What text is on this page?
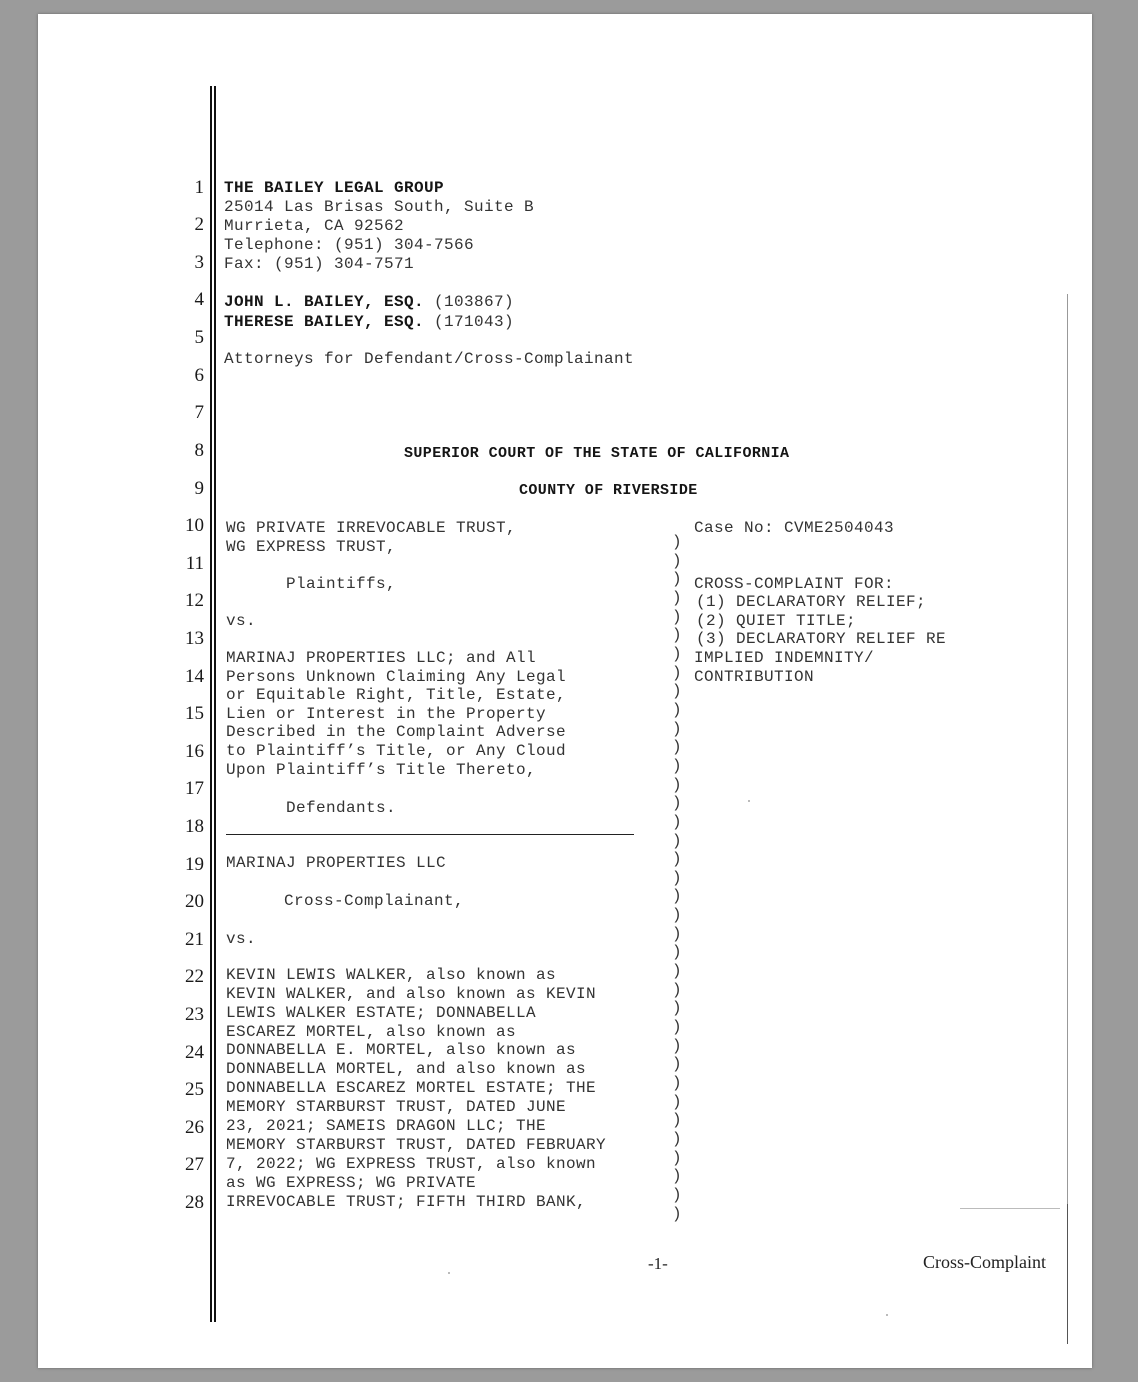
1
2
3
4
5
6
7
8
9
10
11
12
13
14
15
16
17
18
19
20
21
22
23
24
25
26
27
28
THE BAILEY LEGAL GROUP
25014 Las Brisas South, Suite B
Murrieta, CA 92562
Telephone: (951) 304-7566
Fax: (951) 304-7571
JOHN L. BAILEY, ESQ. (103867)
THERESE BAILEY, ESQ. (171043)
Attorneys for Defendant/Cross-Complainant
SUPERIOR COURT OF THE STATE OF CALIFORNIA
COUNTY OF RIVERSIDE
WG PRIVATE IRREVOCABLE TRUST,
WG EXPRESS TRUST,
Plaintiffs,
vs.
MARINAJ PROPERTIES LLC; and All
Persons Unknown Claiming Any Legal
or Equitable Right, Title, Estate,
Lien or Interest in the Property
Described in the Complaint Adverse
to Plaintiff’s Title, or Any Cloud
Upon Plaintiff’s Title Thereto,
Defendants.
MARINAJ PROPERTIES LLC
Cross-Complainant,
vs.
KEVIN LEWIS WALKER, also known as
KEVIN WALKER, and also known as KEVIN
LEWIS WALKER ESTATE; DONNABELLA
ESCAREZ MORTEL, also known as
DONNABELLA E. MORTEL, also known as
DONNABELLA MORTEL, and also known as
DONNABELLA ESCAREZ MORTEL ESTATE; THE
MEMORY STARBURST TRUST, DATED JUNE
23, 2021; SAMEIS DRAGON LLC; THE
MEMORY STARBURST TRUST, DATED FEBRUARY
7, 2022; WG EXPRESS TRUST, also known
as WG EXPRESS; WG PRIVATE
IRREVOCABLE TRUST; FIFTH THIRD BANK,
)
)
)
)
)
)
)
)
)
)
)
)
)
)
)
)
)
)
)
)
)
)
)
)
)
)
)
)
)
)
)
)
)
)
)
)
)
Case No: CVME2504043
CROSS-COMPLAINT FOR:
(1) DECLARATORY RELIEF;
(2) QUIET TITLE;
(3) DECLARATORY RELIEF RE
IMPLIED INDEMNITY/
CONTRIBUTION
-1-	Cross-Complaint
